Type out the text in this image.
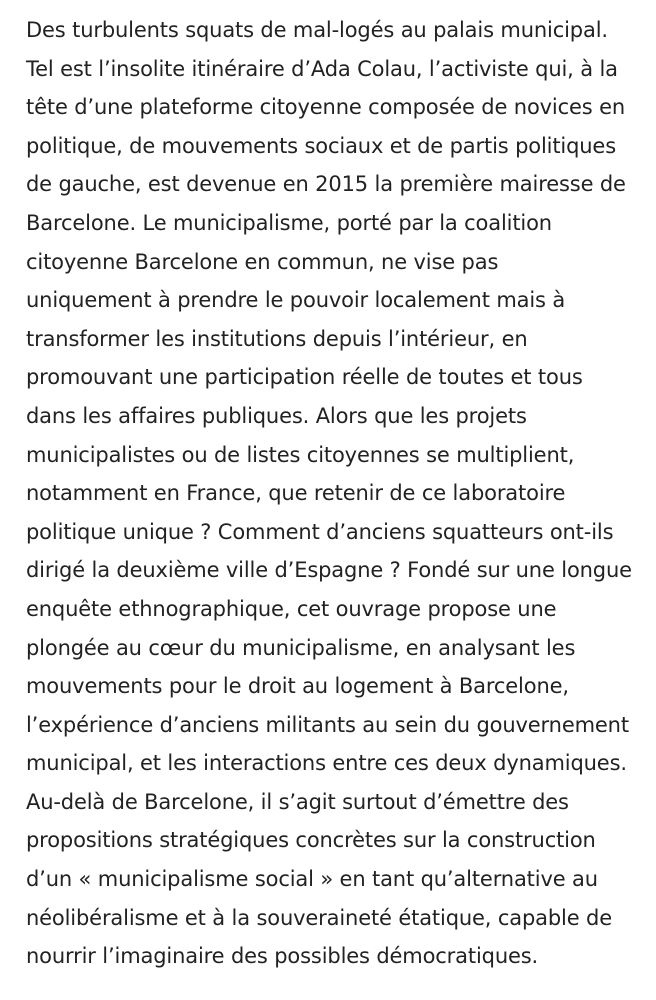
Des turbulents squats de mal-logés au palais municipal.
Tel est l’insolite itinéraire d’Ada Colau, l’activiste qui, à la
tête d’une plateforme citoyenne composée de novices en
politique, de mouvements sociaux et de partis politiques
de gauche, est devenue en 2015 la première mairesse de
Barcelone. Le municipalisme, porté par la coalition
citoyenne Barcelone en commun, ne vise pas
uniquement à prendre le pouvoir localement mais à
transformer les institutions depuis l’intérieur, en
promouvant une participation réelle de toutes et tous
dans les affaires publiques. Alors que les projets
municipalistes ou de listes citoyennes se multiplient,
notamment en France, que retenir de ce laboratoire
politique unique ? Comment d’anciens squatteurs ont-ils
dirigé la deuxième ville d’Espagne ? Fondé sur une longue
enquête ethnographique, cet ouvrage propose une
plongée au cœur du municipalisme, en analysant les
mouvements pour le droit au logement à Barcelone,
l’expérience d’anciens militants au sein du gouvernement
municipal, et les interactions entre ces deux dynamiques.
Au-delà de Barcelone, il s’agit surtout d’émettre des
propositions stratégiques concrètes sur la construction
d’un « municipalisme social » en tant qu’alternative au
néolibéralisme et à la souveraineté étatique, capable de
nourrir l’imaginaire des possibles démocratiques.
